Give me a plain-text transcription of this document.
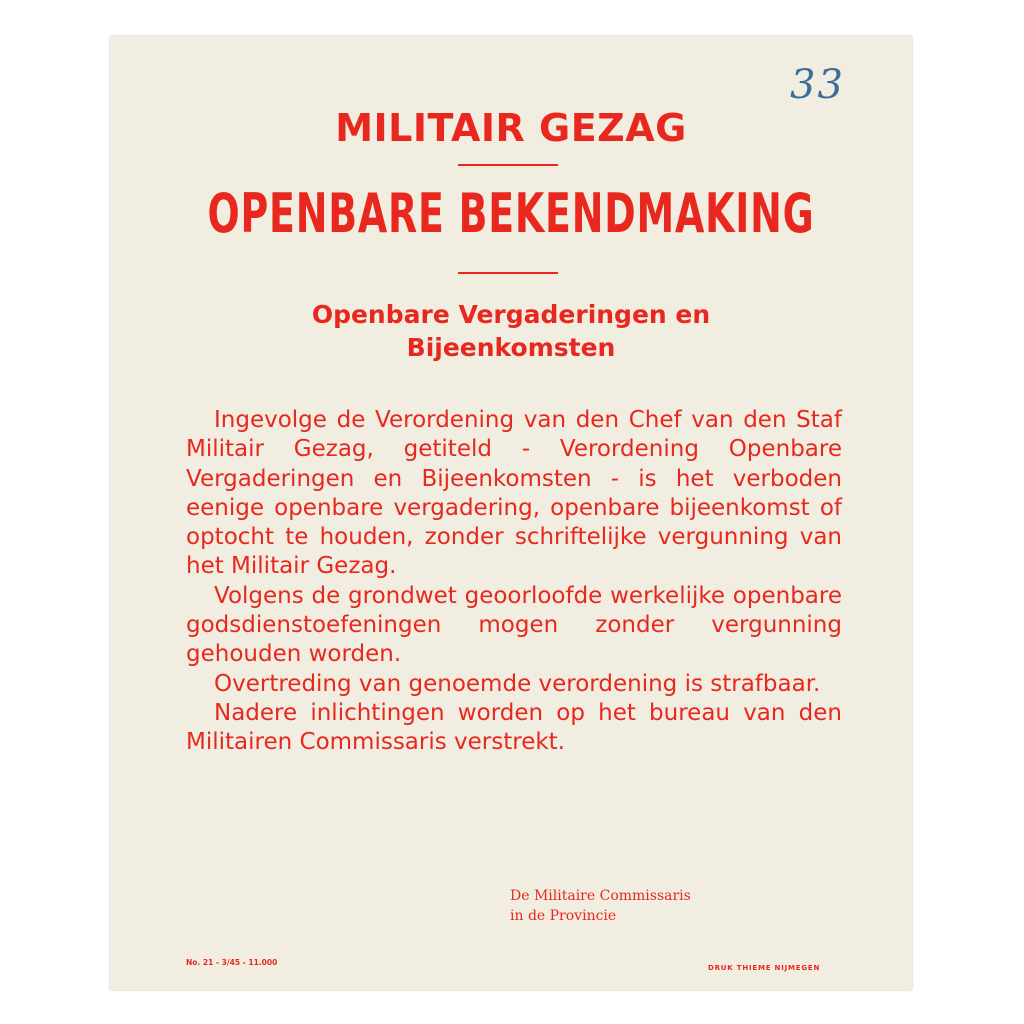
33
MILITAIR GEZAG
OPENBARE BEKENDMAKING
Openbare Vergaderingen en
Bijeenkomsten
Ingevolge de Verordening van den Chef van den Staf Militair Gezag, getiteld - Verordening Openbare Vergaderingen en Bijeenkomsten - is het verboden eenige openbare vergadering, openbare bijeenkomst of optocht te houden, zonder schriftelijke vergunning van het Militair Gezag.
Volgens de grondwet geoorloofde werkelijke openbare godsdienstoefeningen mogen zonder vergunning gehouden worden.
Overtreding van genoemde verordening is strafbaar.
Nadere inlichtingen worden op het bureau van den Militairen Commissaris verstrekt.
De Militaire Commissaris
in de Provincie
No. 21 - 3/45 - 11.000
DRUK THIEME NIJMEGEN
